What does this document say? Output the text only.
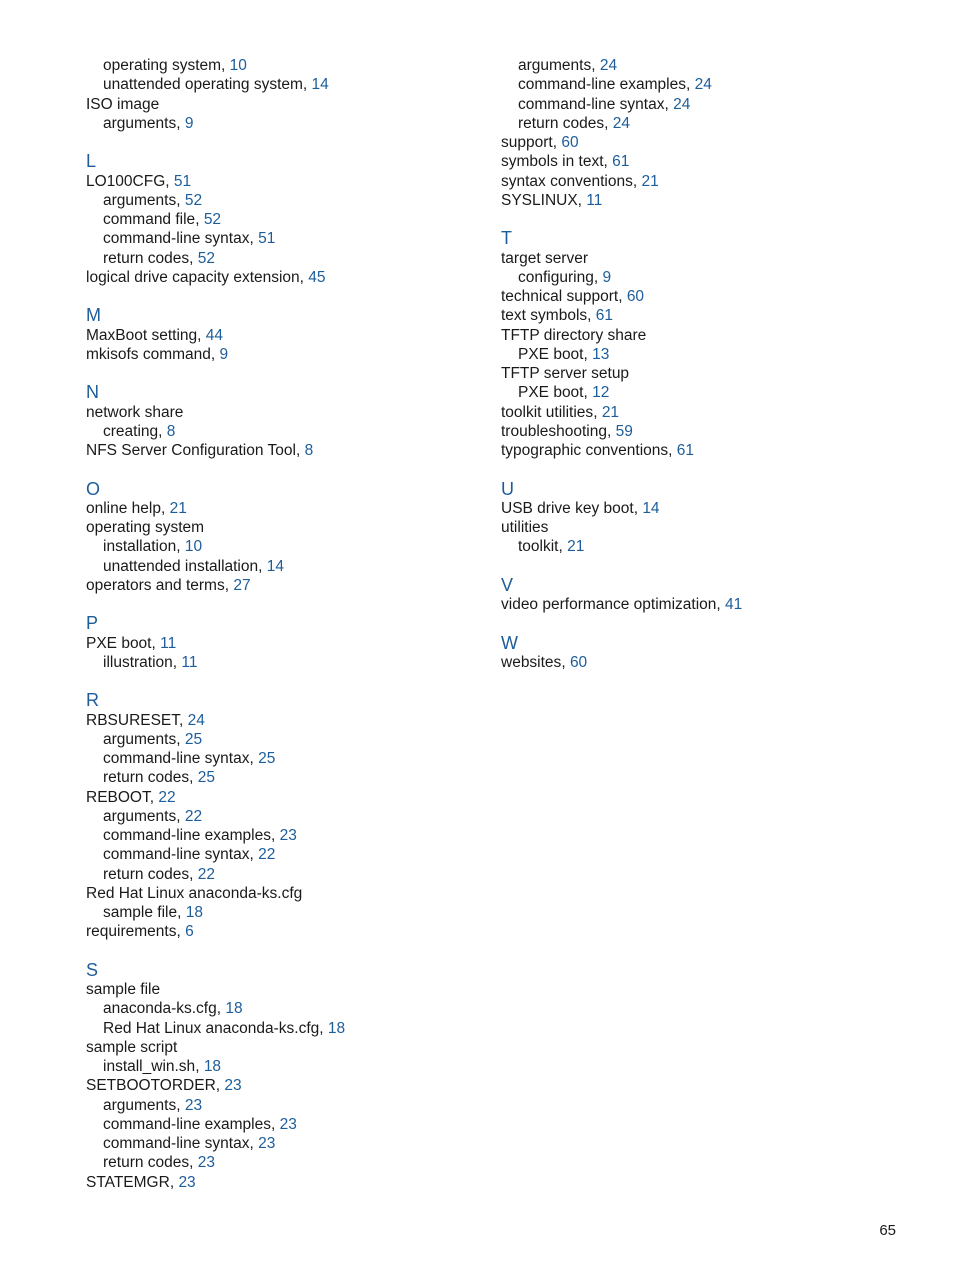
operating system, 10
unattended operating system, 14
ISO image
arguments, 9
L
LO100CFG, 51
arguments, 52
command file, 52
command-line syntax, 51
return codes, 52
logical drive capacity extension, 45
M
MaxBoot setting, 44
mkisofs command, 9
N
network share
creating, 8
NFS Server Configuration Tool, 8
O
online help, 21
operating system
installation, 10
unattended installation, 14
operators and terms, 27
P
PXE boot, 11
illustration, 11
R
RBSURESET, 24
arguments, 25
command-line syntax, 25
return codes, 25
REBOOT, 22
arguments, 22
command-line examples, 23
command-line syntax, 22
return codes, 22
Red Hat Linux anaconda-ks.cfg
sample file, 18
requirements, 6
S
sample file
anaconda-ks.cfg, 18
Red Hat Linux anaconda-ks.cfg, 18
sample script
install_win.sh, 18
SETBOOTORDER, 23
arguments, 23
command-line examples, 23
command-line syntax, 23
return codes, 23
STATEMGR, 23
arguments, 24
command-line examples, 24
command-line syntax, 24
return codes, 24
support, 60
symbols in text, 61
syntax conventions, 21
SYSLINUX, 11
T
target server
configuring, 9
technical support, 60
text symbols, 61
TFTP directory share
PXE boot, 13
TFTP server setup
PXE boot, 12
toolkit utilities, 21
troubleshooting, 59
typographic conventions, 61
U
USB drive key boot, 14
utilities
toolkit, 21
V
video performance optimization, 41
W
websites, 60
65
